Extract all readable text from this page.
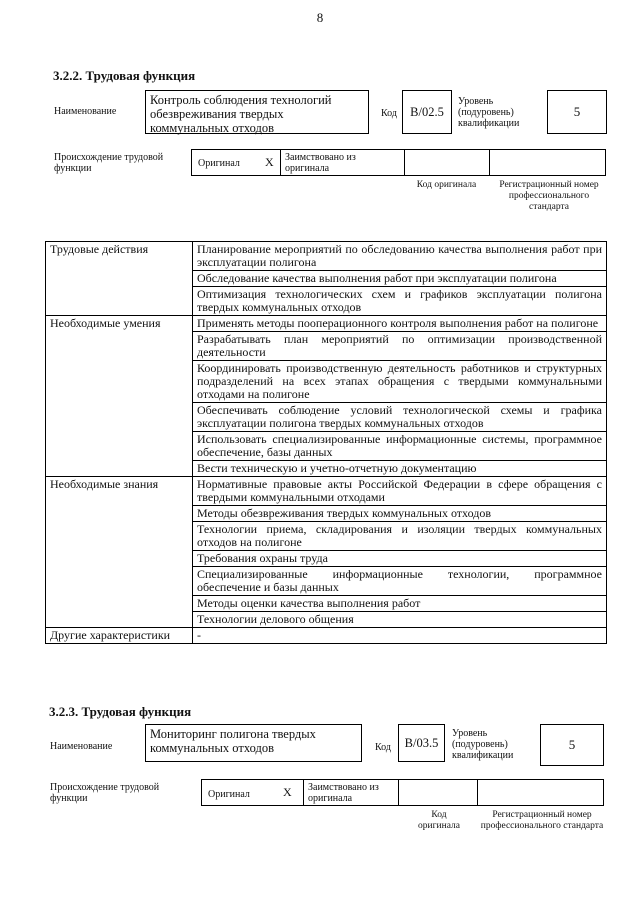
8
3.2.2. Трудовая функция
Наименование
Контроль соблюдения технологий обезвреживания твердых коммунальных отходов
Код	B/02.5
Уровень (подуровень) квалификации
5
Происхождение трудовой функции	Оригинал X Заимствовано из оригинала
Код оригинала	Регистрационный номер профессионального стандарта
Трудовые действия	Планирование мероприятий по обследованию качества выполнения работ при эксплуатации полигона
	Обследование качества выполнения работ при эксплуатации полигона
	Оптимизация технологических схем и графиков эксплуатации полигона твердых коммунальных отходов
Необходимые умения	Применять методы пооперационного контроля выполнения работ на полигоне
	Разрабатывать план мероприятий по оптимизации производственной деятельности
	Координировать производственную деятельность работников и структурных подразделений на всех этапах обращения с твердыми коммунальными отходами на полигоне
	Обеспечивать соблюдение условий технологической схемы и графика эксплуатации полигона твердых коммунальных отходов
	Использовать специализированные информационные системы, программное обеспечение, базы данных
	Вести техническую и учетно-отчетную документацию
Необходимые знания	Нормативные правовые акты Российской Федерации в сфере обращения с твердыми коммунальными отходами
	Методы обезвреживания твердых коммунальных отходов
	Технологии приема, складирования и изоляции твердых коммунальных отходов на полигоне
	Требования охраны труда
	Специализированные информационные технологии, программное обеспечение и базы данных
	Методы оценки качества выполнения работ
	Технологии делового общения
Другие характеристики	-
3.2.3. Трудовая функция
Наименование
Мониторинг полигона твердых коммунальных отходов	Код	B/03.5
Уровень (подуровень) квалификации
5
Происхождение трудовой функции	Оригинал	X Заимствовано из оригинала
Код оригинала
Регистрационный номер профессионального стандарта
